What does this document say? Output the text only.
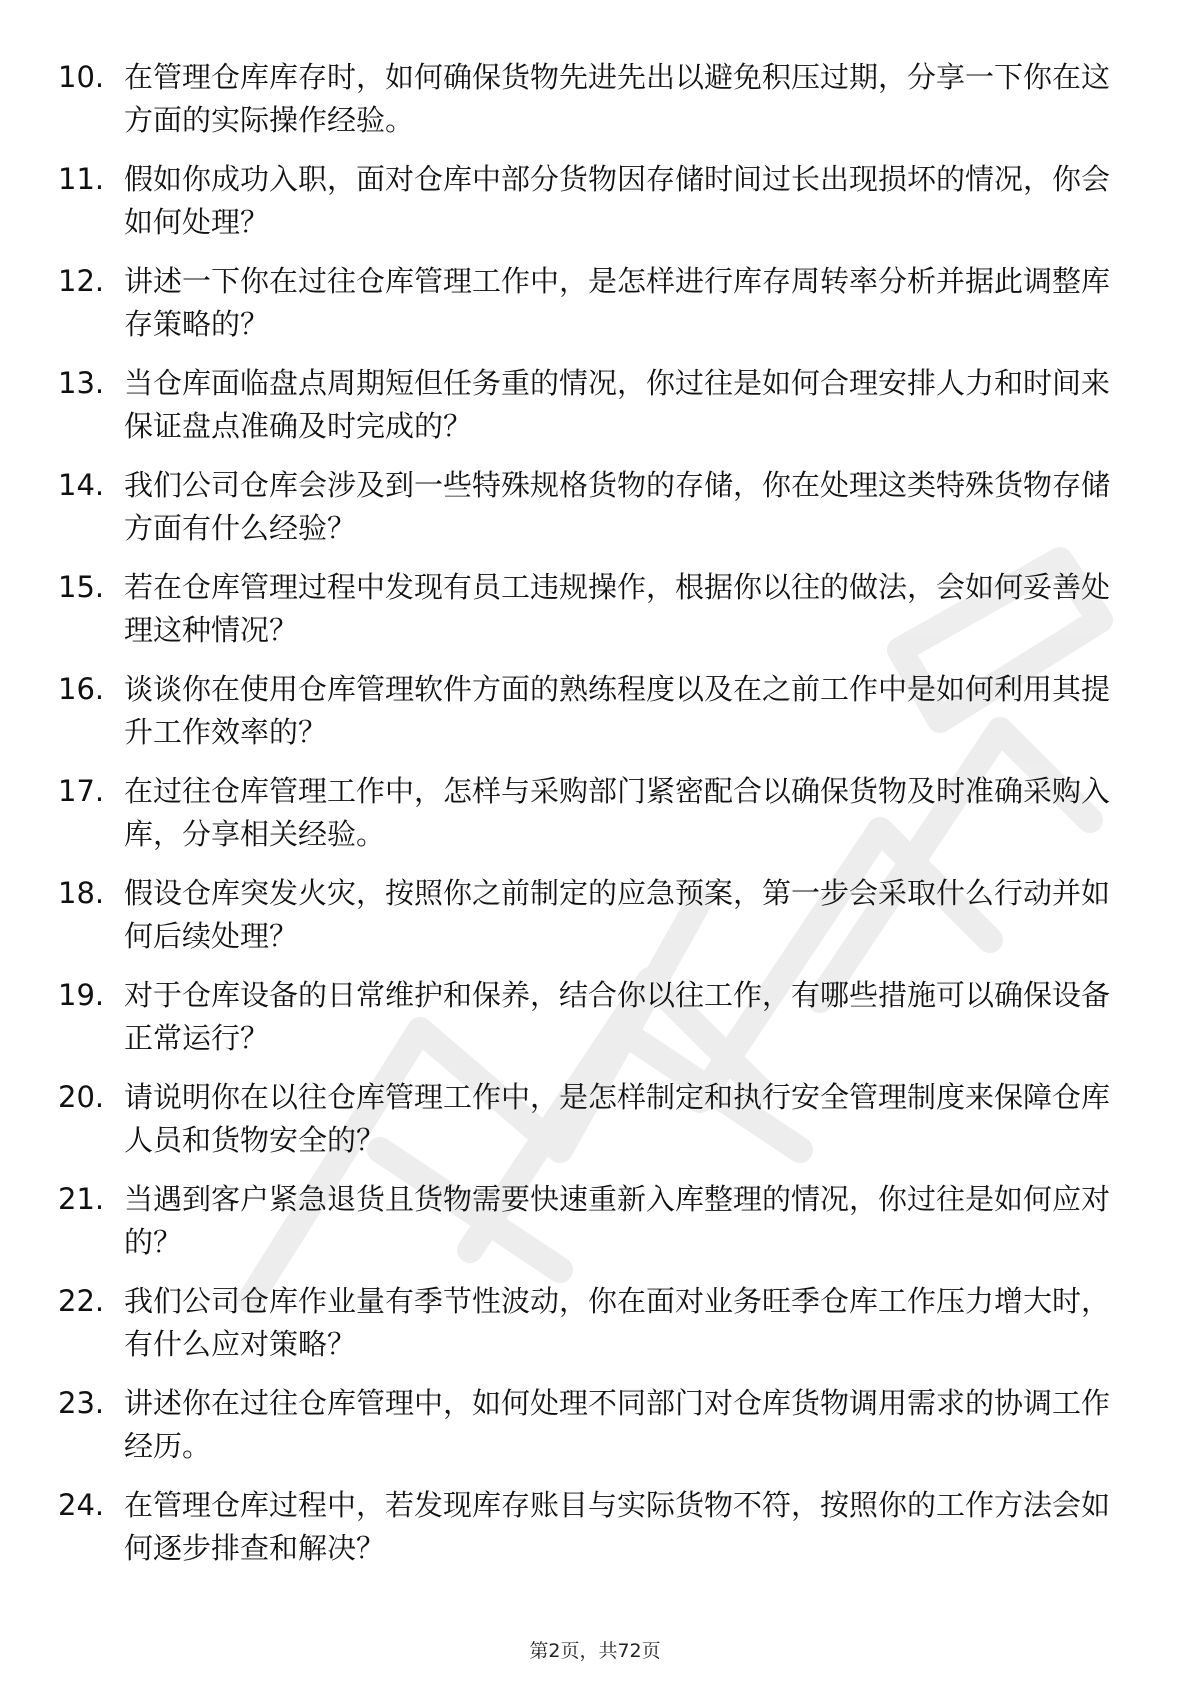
10. 在管理仓库库存时，如何确保货物先进先出以避免积压过期，分享一下你在这方面的实际操作经验。
11. 假如你成功入职，面对仓库中部分货物因存储时间过长出现损坏的情况，你会如何处理？
12. 讲述一下你在过往仓库管理工作中，是怎样进行库存周转率分析并据此调整库存策略的？
13. 当仓库面临盘点周期短但任务重的情况，你过往是如何合理安排人力和时间来保证盘点准确及时完成的？
14. 我们公司仓库会涉及到一些特殊规格货物的存储，你在处理这类特殊货物存储方面有什么经验？
15. 若在仓库管理过程中发现有员工违规操作，根据你以往的做法，会如何妥善处理这种情况？
16. 谈谈你在使用仓库管理软件方面的熟练程度以及在之前工作中是如何利用其提升工作效率的？
17. 在过往仓库管理工作中，怎样与采购部门紧密配合以确保货物及时准确采购入库，分享相关经验。
18. 假设仓库突发火灾，按照你之前制定的应急预案，第一步会采取什么行动并如何后续处理？
19. 对于仓库设备的日常维护和保养，结合你以往工作，有哪些措施可以确保设备正常运行？
20. 请说明你在以往仓库管理工作中，是怎样制定和执行安全管理制度来保障仓库人员和货物安全的？
21. 当遇到客户紧急退货且货物需要快速重新入库整理的情况，你过往是如何应对的？
22. 我们公司仓库作业量有季节性波动，你在面对业务旺季仓库工作压力增大时，有什么应对策略？
23. 讲述你在过往仓库管理中，如何处理不同部门对仓库货物调用需求的协调工作经历。
24. 在管理仓库过程中，若发现库存账目与实际货物不符，按照你的工作方法会如何逐步排查和解决？
第2页，共72页
